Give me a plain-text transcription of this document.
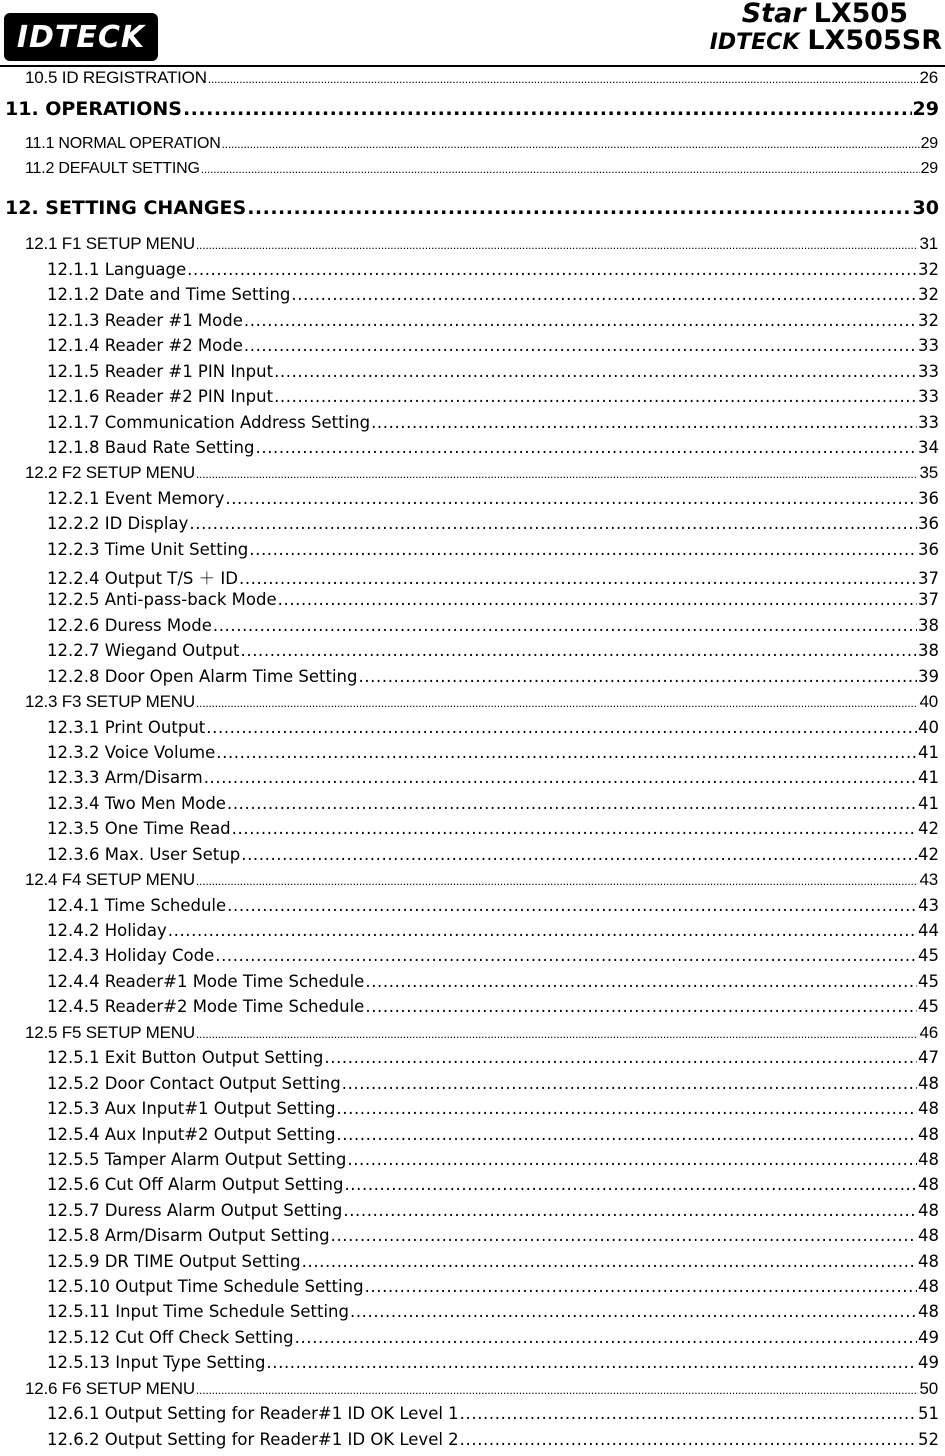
IDTECK
Star LX505
IDTECK LX505SR
10.5 ID REGISTRATION .....	26
11. OPERATIONS .....	29
11.1 NORMAL OPERATION .....	29
11.2 DEFAULT SETTING .....	29
12. SETTING CHANGES .....	30
12.1 F1 SETUP MENU .....	31
12.1.1 Language .....	32
12.1.2 Date and Time Setting .....	32
12.1.3 Reader #1 Mode .....	32
12.1.4 Reader #2 Mode .....	33
12.1.5 Reader #1 PIN Input .....	33
12.1.6 Reader #2 PIN Input .....	33
12.1.7 Communication Address Setting .....	33
12.1.8 Baud Rate Setting .....	34
12.2 F2 SETUP MENU .....	35
12.2.1 Event Memory .....	36
12.2.2 ID Display .....	36
12.2.3 Time Unit Setting .....	36
12.2.4 Output T/S ＋ ID .....	37
12.2.5 Anti-pass-back Mode .....	37
12.2.6 Duress Mode .....	38
12.2.7 Wiegand Output .....	38
12.2.8 Door Open Alarm Time Setting .....	39
12.3 F3 SETUP MENU .....	40
12.3.1 Print Output .....	40
12.3.2 Voice Volume .....	41
12.3.3 Arm/Disarm .....	41
12.3.4 Two Men Mode .....	41
12.3.5 One Time Read .....	42
12.3.6 Max. User Setup .....	42
12.4 F4 SETUP MENU .....	43
12.4.1 Time Schedule .....	43
12.4.2 Holiday .....	44
12.4.3 Holiday Code .....	45
12.4.4 Reader#1 Mode Time Schedule .....	45
12.4.5 Reader#2 Mode Time Schedule .....	45
12.5 F5 SETUP MENU .....	46
12.5.1 Exit Button Output Setting .....	47
12.5.2 Door Contact Output Setting .....	48
12.5.3 Aux Input#1 Output Setting .....	48
12.5.4 Aux Input#2 Output Setting .....	48
12.5.5 Tamper Alarm Output Setting .....	48
12.5.6 Cut Off Alarm Output Setting .....	48
12.5.7 Duress Alarm Output Setting .....	48
12.5.8 Arm/Disarm Output Setting .....	48
12.5.9 DR TIME Output Setting .....	48
12.5.10 Output Time Schedule Setting .....	48
12.5.11 Input Time Schedule Setting .....	48
12.5.12 Cut Off Check Setting .....	49
12.5.13 Input Type Setting .....	49
12.6 F6 SETUP MENU .....	50
12.6.1 Output Setting for Reader#1 ID OK Level 1 .....	51
12.6.2 Output Setting for Reader#1 ID OK Level 2 .....	52
